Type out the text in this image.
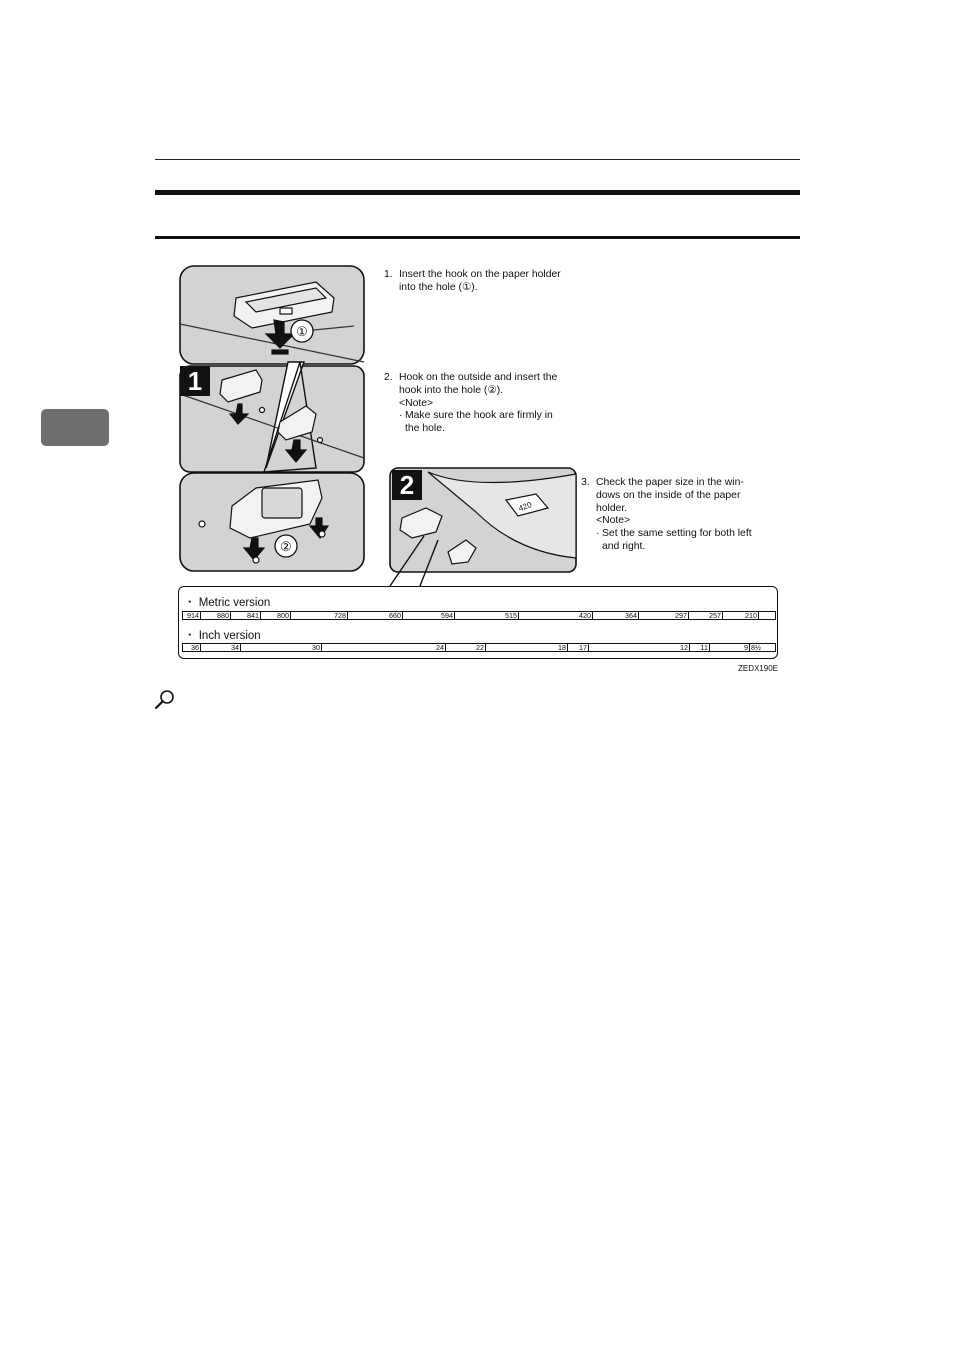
①
1
②
420
2
1. Insert the hook on the paper holder
into the hole (①).
2. Hook on the outside and insert the
hook into the hole (②).
<Note>
· Make sure the hook are firmly in
the hole.
3. Check the paper size in the win-
dows on the inside of the paper
holder.
<Note>
· Set the same setting for both left
and right.
・ Metric version
914	880	841	800	728	660	594	515	420	364	297	257	210
・ Inch version
36	34	30	24	22	18	17	12	11	9 8½
ZEDX190E
